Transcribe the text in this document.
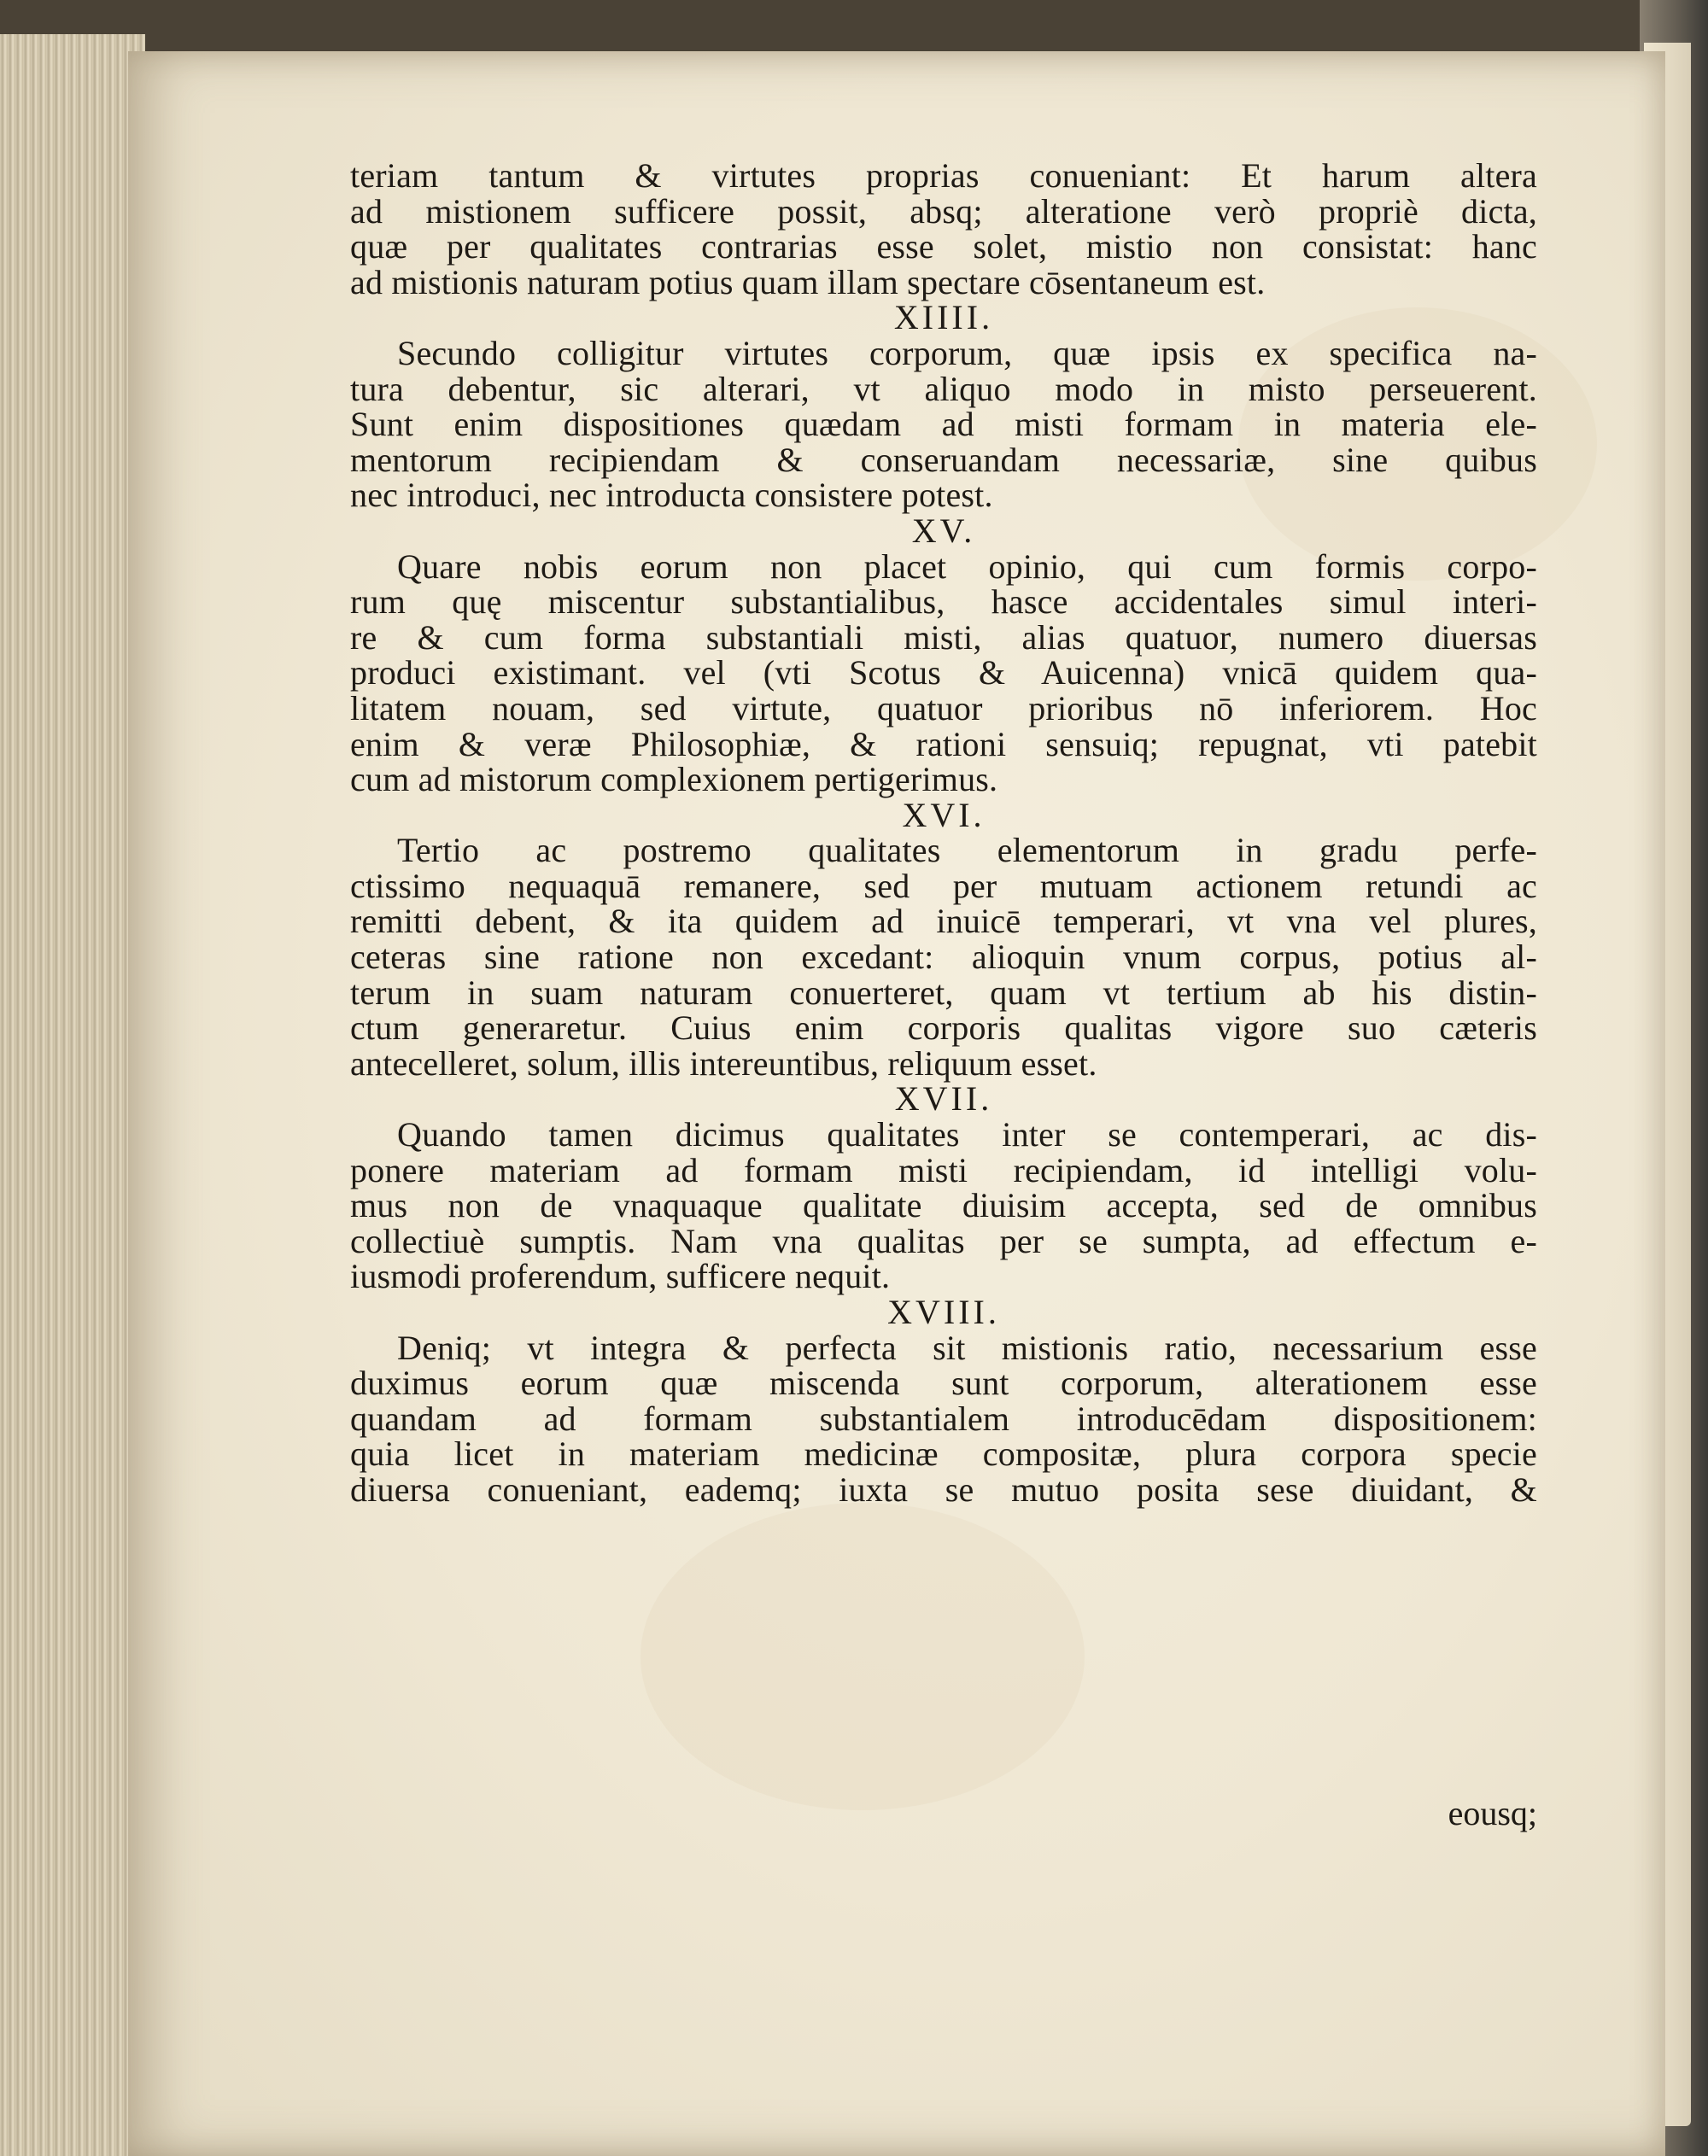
teriam tantum & virtutes proprias conueniant: Et harum altera
ad mistionem sufficere possit, absq; alteratione verò propriè dicta,
quæ per qualitates contrarias esse solet, mistio non consistat: hanc
ad mistionis naturam potius quam illam spectare cōsentaneum est.
XIIII.
Secundo colligitur virtutes corporum, quæ ipsis ex specifica na-
tura debentur, sic alterari, vt aliquo modo in misto perseuerent.
Sunt enim dispositiones quædam ad misti formam in materia ele-
mentorum recipiendam & conseruandam necessariæ, sine quibus
nec introduci, nec introducta consistere potest.
XV.
Quare nobis eorum non placet opinio, qui cum formis corpo-
rum quę miscentur substantialibus, hasce accidentales simul interi-
re & cum forma substantiali misti, alias quatuor, numero diuersas
produci existimant. vel (vti Scotus & Auicenna) vnicā quidem qua-
litatem nouam, sed virtute, quatuor prioribus nō inferiorem. Hoc
enim & veræ Philosophiæ, & rationi sensuiq; repugnat, vti patebit
cum ad mistorum complexionem pertigerimus.
XVI.
Tertio ac postremo qualitates elementorum in gradu perfe-
ctissimo nequaquā remanere, sed per mutuam actionem retundi ac
remitti debent, & ita quidem ad inuicē temperari, vt vna vel plures,
ceteras sine ratione non excedant: alioquin vnum corpus, potius al-
terum in suam naturam conuerteret, quam vt tertium ab his distin-
ctum generaretur. Cuius enim corporis qualitas vigore suo cæteris
antecelleret, solum, illis intereuntibus, reliquum esset.
XVII.
Quando tamen dicimus qualitates inter se contemperari, ac dis-
ponere materiam ad formam misti recipiendam, id intelligi volu-
mus non de vnaquaque qualitate diuisim accepta, sed de omnibus
collectiuè sumptis. Nam vna qualitas per se sumpta, ad effectum e-
iusmodi proferendum, sufficere nequit.
XVIII.
Deniq; vt integra & perfecta sit mistionis ratio, necessarium esse
duximus eorum quæ miscenda sunt corporum, alterationem esse
quandam ad formam substantialem introducēdam dispositionem:
quia licet in materiam medicinæ compositæ, plura corpora specie
diuersa conueniant, eademq; iuxta se mutuo posita sese diuidant, &
eousq;
